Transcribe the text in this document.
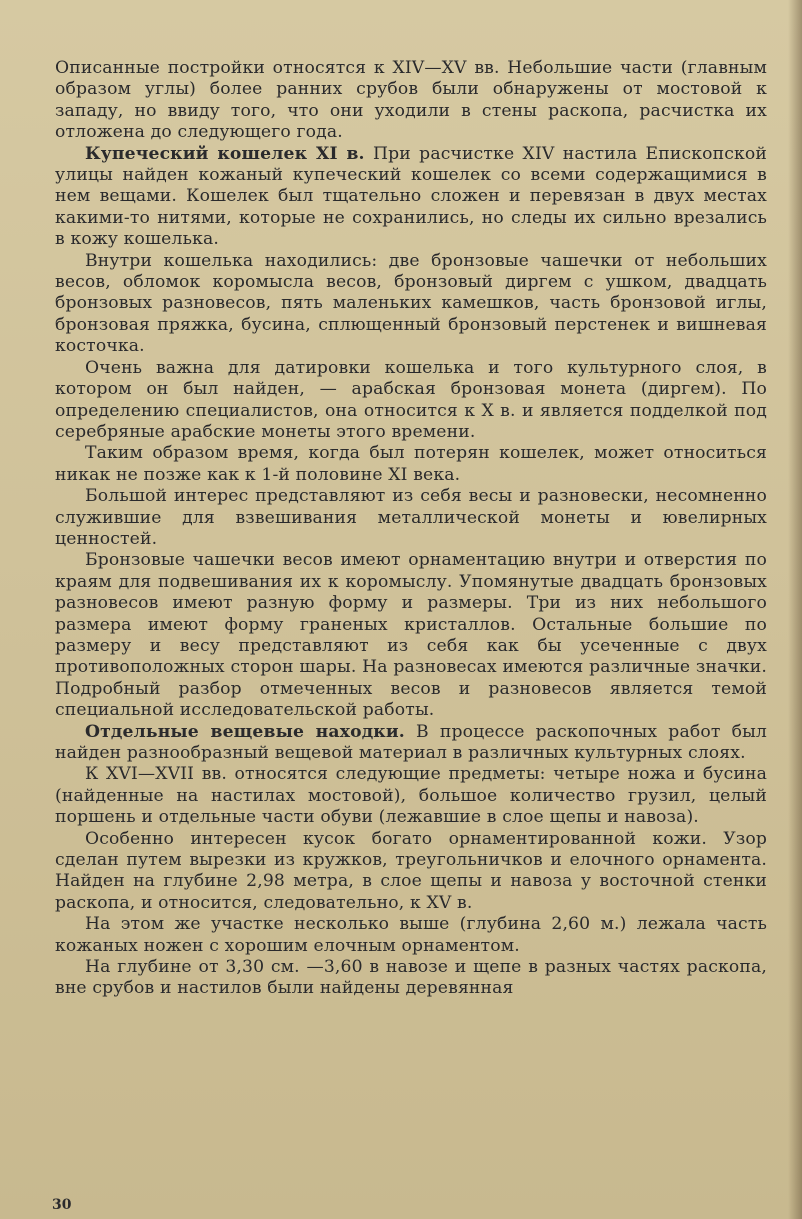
Описанные постройки относятся к XIV—XV вв. Небольшие части (главным образом углы) более ранних срубов были обнаружены от мостовой к западу, но ввиду того, что они уходили в стены раскопа, расчистка их отложена до следующего года.

Купеческий кошелек XI в. При расчистке XIV настила Епископской улицы найден кожаный купеческий кошелек со всеми содержащимися в нем вещами. Кошелек был тщательно сложен и перевязан в двух местах какими-то нитями, которые не сохранились, но следы их сильно врезались в кожу кошелька.

Внутри кошелька находились: две бронзовые чашечки от небольших весов, обломок коромысла весов, бронзовый диргем с ушком, двадцать бронзовых разновесов, пять маленьких камешков, часть бронзовой иглы, бронзовая пряжка, бусина, сплющенный бронзовый перстенек и вишневая косточка.

Очень важна для датировки кошелька и того культурного слоя, в котором он был найден, — арабская бронзовая монета (диргем). По определению специалистов, она относится к X в. и является подделкой под серебряные арабские монеты этого времени.

Таким образом время, когда был потерян кошелек, может относиться никак не позже как к 1-й половине XI века.

Большой интерес представляют из себя весы и разновески, несомненно служившие для взвешивания металлической монеты и ювелирных ценностей.

Бронзовые чашечки весов имеют орнаментацию внутри и отверстия по краям для подвешивания их к коромыслу. Упомянутые двадцать бронзовых разновесов имеют разную форму и размеры. Три из них небольшого размера имеют форму граненых кристаллов. Остальные большие по размеру и весу представляют из себя как бы усеченные с двух противоположных сторон шары. На разновесах имеются различные значки. Подробный разбор отмеченных весов и разновесов является темой специальной исследовательской работы.

Отдельные вещевые находки. В процессе раскопочных работ был найден разнообразный вещевой материал в различных культурных слоях.

К XVI—XVII вв. относятся следующие предметы: четыре ножа и бусина (найденные на настилах мостовой), большое количество грузил, целый поршень и отдельные части обуви (лежавшие в слое щепы и навоза).

Особенно интересен кусок богато орнаментированной кожи. Узор сделан путем вырезки из кружков, треугольничков и елочного орнамента. Найден на глубине 2,98 метра, в слое щепы и навоза у восточной стенки раскопа, и относится, следовательно, к XV в.

На этом же участке несколько выше (глубина 2,60 м.) лежала часть кожаных ножен с хорошим елочным орнаментом.

На глубине от 3,30 см. —3,60 в навозе и щепе в разных частях раскопа, вне срубов и настилов были найдены деревянная

30
